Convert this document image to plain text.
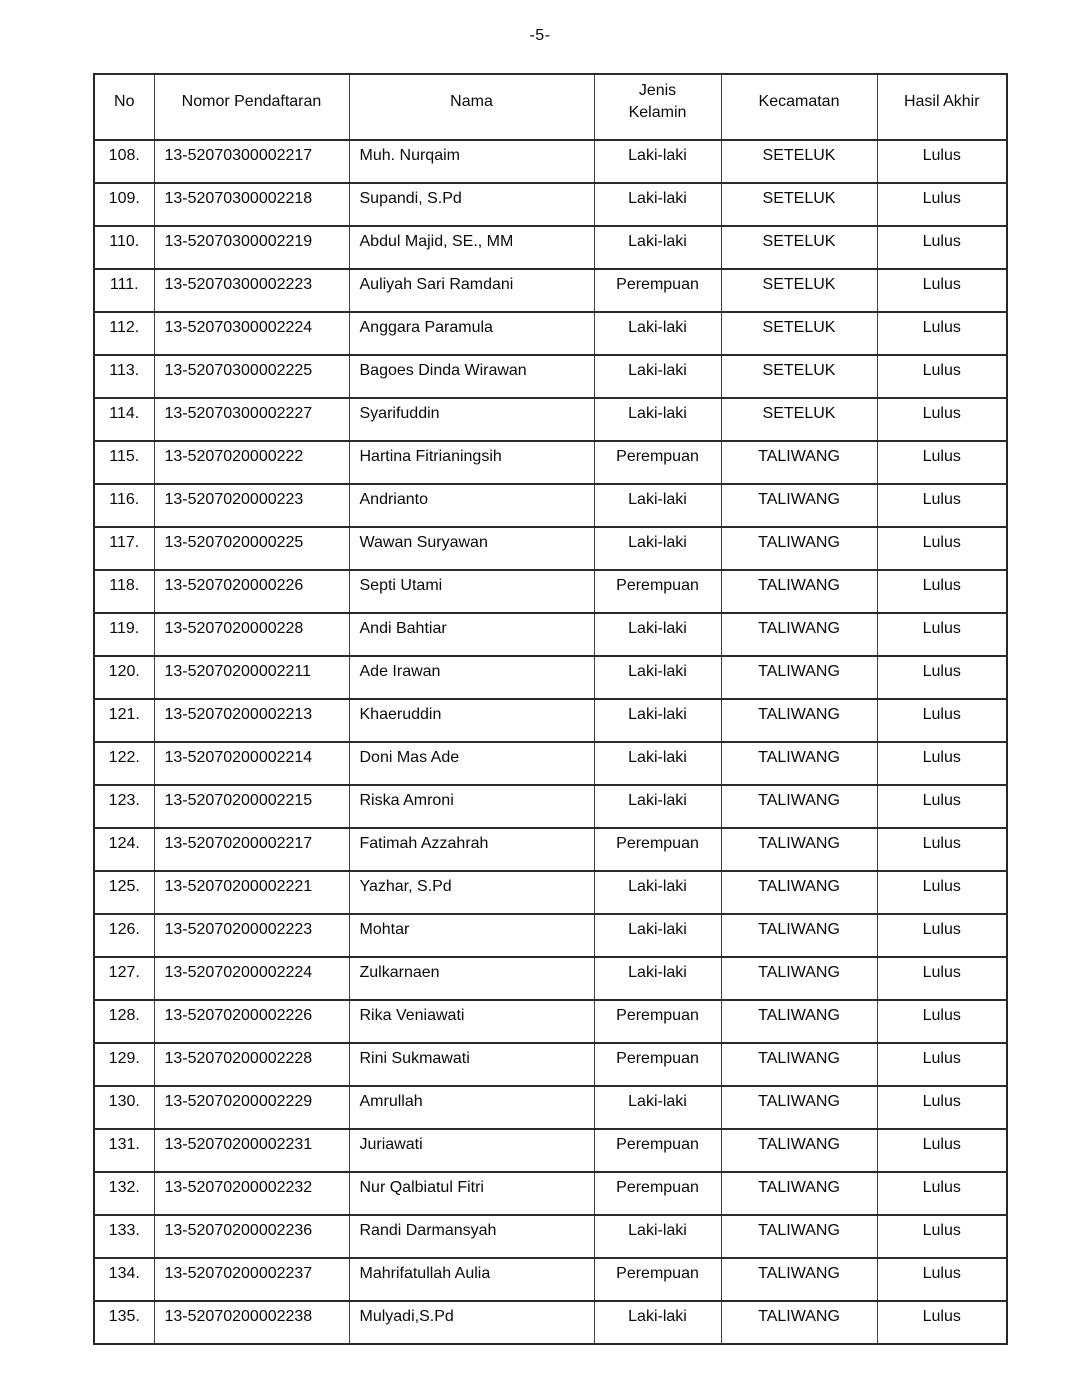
-5-
No	Nomor Pendaftaran	Nama	Jenis Kelamin	Kecamatan	Hasil Akhir
108.	13-52070300002217	Muh. Nurqaim	Laki-laki	SETELUK	Lulus
109.	13-52070300002218	Supandi, S.Pd	Laki-laki	SETELUK	Lulus
110.	13-52070300002219	Abdul Majid, SE., MM	Laki-laki	SETELUK	Lulus
111.	13-52070300002223	Auliyah Sari Ramdani	Perempuan	SETELUK	Lulus
112.	13-52070300002224	Anggara Paramula	Laki-laki	SETELUK	Lulus
113.	13-52070300002225	Bagoes Dinda Wirawan	Laki-laki	SETELUK	Lulus
114.	13-52070300002227	Syarifuddin	Laki-laki	SETELUK	Lulus
115.	13-5207020000222	Hartina Fitrianingsih	Perempuan	TALIWANG	Lulus
116.	13-5207020000223	Andrianto	Laki-laki	TALIWANG	Lulus
117.	13-5207020000225	Wawan Suryawan	Laki-laki	TALIWANG	Lulus
118.	13-5207020000226	Septi Utami	Perempuan	TALIWANG	Lulus
119.	13-5207020000228	Andi Bahtiar	Laki-laki	TALIWANG	Lulus
120.	13-52070200002211	Ade Irawan	Laki-laki	TALIWANG	Lulus
121.	13-52070200002213	Khaeruddin	Laki-laki	TALIWANG	Lulus
122.	13-52070200002214	Doni Mas Ade	Laki-laki	TALIWANG	Lulus
123.	13-52070200002215	Riska Amroni	Laki-laki	TALIWANG	Lulus
124.	13-52070200002217	Fatimah Azzahrah	Perempuan	TALIWANG	Lulus
125.	13-52070200002221	Yazhar, S.Pd	Laki-laki	TALIWANG	Lulus
126.	13-52070200002223	Mohtar	Laki-laki	TALIWANG	Lulus
127.	13-52070200002224	Zulkarnaen	Laki-laki	TALIWANG	Lulus
128.	13-52070200002226	Rika Veniawati	Perempuan	TALIWANG	Lulus
129.	13-52070200002228	Rini Sukmawati	Perempuan	TALIWANG	Lulus
130.	13-52070200002229	Amrullah	Laki-laki	TALIWANG	Lulus
131.	13-52070200002231	Juriawati	Perempuan	TALIWANG	Lulus
132.	13-52070200002232	Nur Qalbiatul Fitri	Perempuan	TALIWANG	Lulus
133.	13-52070200002236	Randi Darmansyah	Laki-laki	TALIWANG	Lulus
134.	13-52070200002237	Mahrifatullah Aulia	Perempuan	TALIWANG	Lulus
135.	13-52070200002238	Mulyadi,S.Pd	Laki-laki	TALIWANG	Lulus
